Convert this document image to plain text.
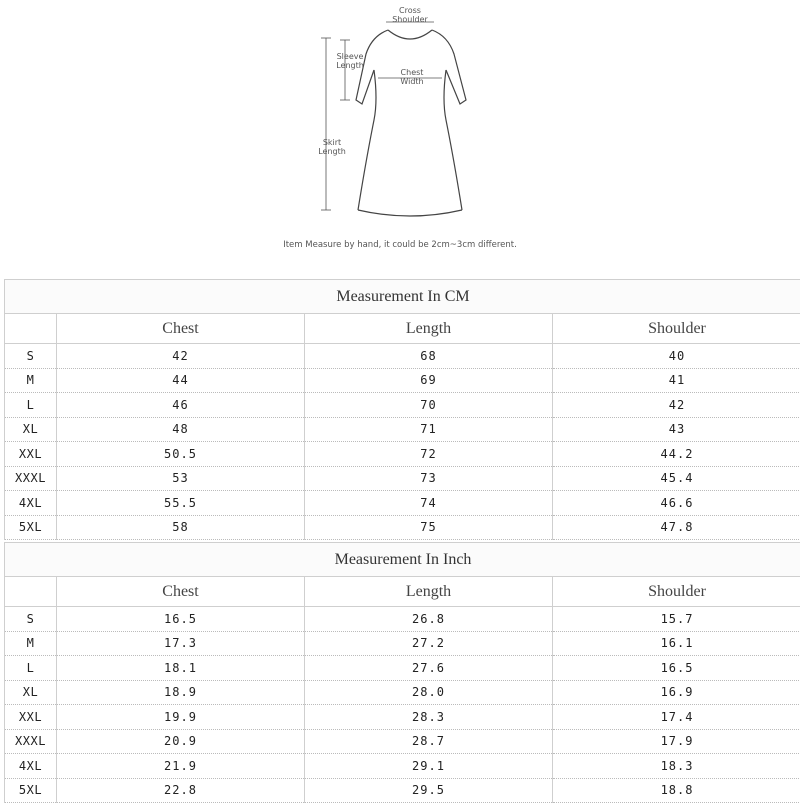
Cross
Shoulder
Sleeve
Length
Chest
Width
Skirt
Length
Item Measure by hand, it could be 2cm~3cm different.
Measurement In CM			
	Chest	Length	Shoulder
S	42	68	40
M	44	69	41
L	46	70	42
XL	48	71	43
XXL	50.5	72	44.2
XXXL	53	73	45.4
4XL	55.5	74	46.6
5XL	58	75	47.8
Measurement In Inch			
	Chest	Length	Shoulder
S	16.5	26.8	15.7
M	17.3	27.2	16.1
L	18.1	27.6	16.5
XL	18.9	28.0	16.9
XXL	19.9	28.3	17.4
XXXL	20.9	28.7	17.9
4XL	21.9	29.1	18.3
5XL	22.8	29.5	18.8
